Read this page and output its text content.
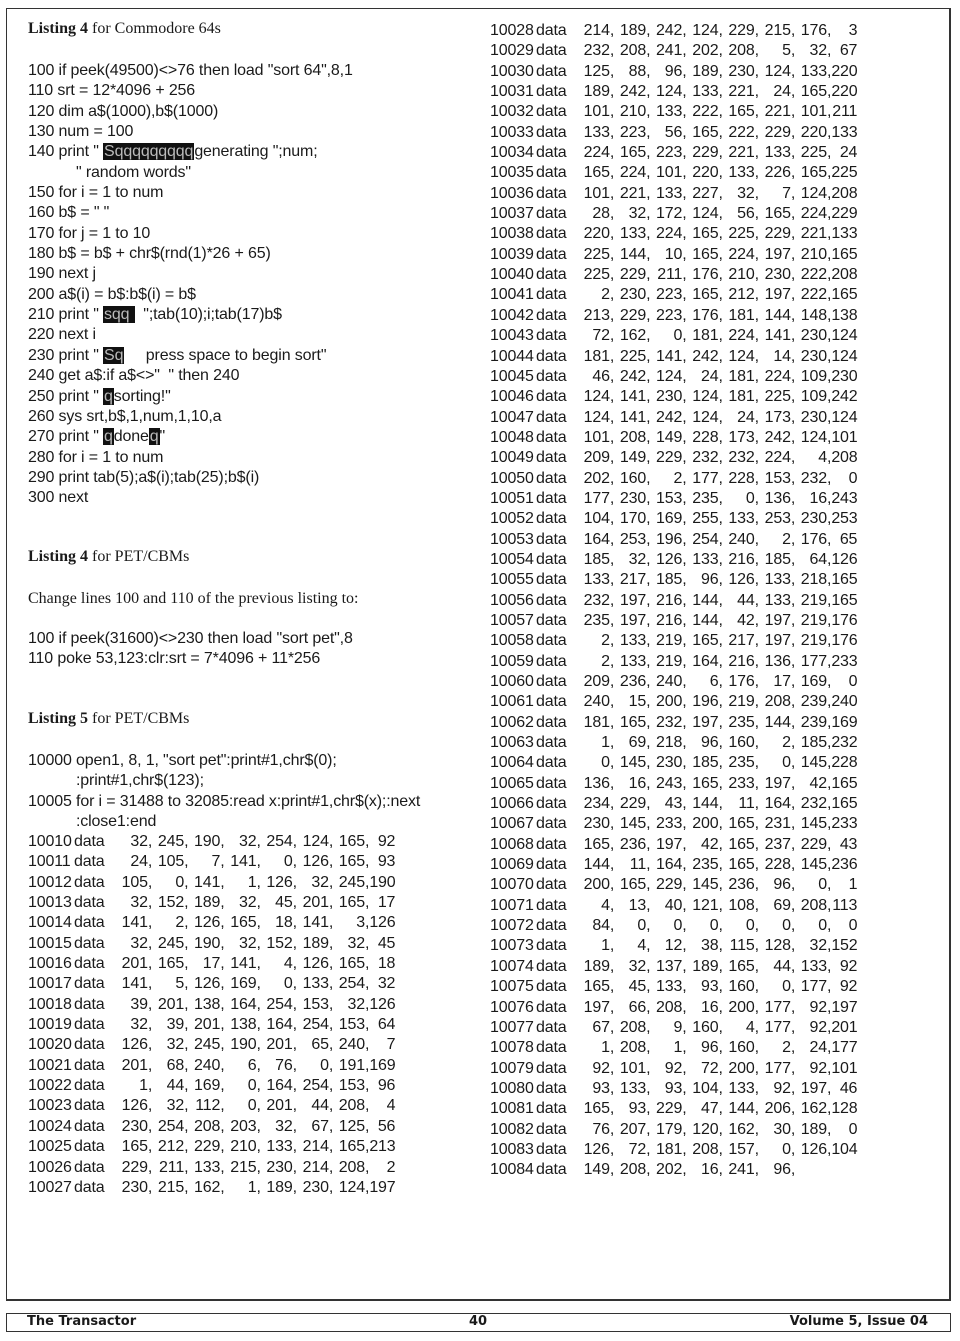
Listing 4 for Commodore 64s
100 if peek(49500)<>76 then load "sort 64",8,1
110 srt = 12*4096 + 256
120 dim a$(1000),b$(1000)
130 num = 100
140 print " Sqqqqqqqqqgenerating ";num;
" random words"
150 for i = 1 to num
160 b$ = " "
170 for j = 1 to 10
180 b$ = b$ + chr$(rnd(1)*26 + 65)
190 next j
200 a$(i) = b$:b$(i) = b$
210 print " sqq   ";tab(10);i;tab(17)b$
220 next i
230 print " Sq     press space to begin sort"
240 get a$:if a$<>"  " then 240
250 print " qsorting!"
260 sys srt,b$,1,num,1,10,a
270 print " qdoneq"
280 for i = 1 to num
290 print tab(5);a$(i);tab(25);b$(i)
300 next
Listing 4 for PET/CBMs
Change lines 100 and 110 of the previous listing to:
100 if peek(31600)<>230 then load "sort pet",8
110 poke 53,123:clr:srt = 7*4096 + 11*256
Listing 5 for PET/CBMs
10000 open1, 8, 1, "sort pet":print#1,chr$(0);
:print#1,chr$(123);
10005 for i = 31488 to 32085:read x:print#1,chr$(x);:next
:close1:end
10010 data	32, 245, 190, 32, 254, 124, 165, 92
10011 data	24, 105,	7, 141,	0, 126, 165, 93
10012 data	105,	0, 141,	1, 126, 32, 245, 190
10013 data	32, 152, 189, 32, 45, 201, 165, 17
10014 data	141,	2, 126, 165, 18, 141,	3, 126
10015 data	32, 245, 190, 32, 152, 189, 32, 45
10016 data	201, 165, 17, 141,	4, 126, 165, 18
10017 data	141,	5, 126, 169,	0, 133, 254, 32
10018 data	39, 201, 138, 164, 254, 153, 32, 126
10019 data	32, 39, 201, 138, 164, 254, 153, 64
10020 data	126, 32, 245, 190, 201, 65, 240,	7
10021 data	201, 68, 240,	6, 76,	0, 191, 169
10022 data	1, 44, 169,	0, 164, 254, 153, 96
10023 data	126, 32, 112,	0, 201, 44, 208,	4
10024 data	230, 254, 208, 203, 32, 67, 125, 56
10025 data	165, 212, 229, 210, 133, 214, 165, 213
10026 data	229, 211, 133, 215, 230, 214, 208,	2
10027 data	230, 215, 162,	1, 189, 230, 124, 197
10028 data	214, 189, 242, 124, 229, 215, 176,	3
10029 data	232, 208, 241, 202, 208,	5, 32, 67
10030 data	125, 88, 96, 189, 230, 124, 133, 220
10031 data	189, 242, 124, 133, 221, 24, 165, 220
10032 data	101, 210, 133, 222, 165, 221, 101, 211
10033 data	133, 223, 56, 165, 222, 229, 220, 133
10034 data	224, 165, 223, 229, 221, 133, 225, 24
10035 data	165, 224, 101, 220, 133, 226, 165, 225
10036 data	101, 221, 133, 227, 32,	7, 124, 208
10037 data	28, 32, 172, 124, 56, 165, 224, 229
10038 data	220, 133, 224, 165, 225, 229, 221, 133
10039 data	225, 144, 10, 165, 224, 197, 210, 165
10040 data	225, 229, 211, 176, 210, 230, 222, 208
10041 data	2, 230, 223, 165, 212, 197, 222, 165
10042 data	213, 229, 223, 176, 181, 144, 148, 138
10043 data	72, 162,	0, 181, 224, 141, 230, 124
10044 data	181, 225, 141, 242, 124, 14, 230, 124
10045 data	46, 242, 124, 24, 181, 224, 109, 230
10046 data	124, 141, 230, 124, 181, 225, 109, 242
10047 data	124, 141, 242, 124, 24, 173, 230, 124
10048 data	101, 208, 149, 228, 173, 242, 124, 101
10049 data	209, 149, 229, 232, 232, 224,	4, 208
10050 data	202, 160,	2, 177, 228, 153, 232,	0
10051 data	177, 230, 153, 235,	0, 136, 16, 243
10052 data	104, 170, 169, 255, 133, 253, 230, 253
10053 data	164, 253, 196, 254, 240,	2, 176, 65
10054 data	185, 32, 126, 133, 216, 185, 64, 126
10055 data	133, 217, 185, 96, 126, 133, 218, 165
10056 data	232, 197, 216, 144, 44, 133, 219, 165
10057 data	235, 197, 216, 144, 42, 197, 219, 176
10058 data	2, 133, 219, 165, 217, 197, 219, 176
10059 data	2, 133, 219, 164, 216, 136, 177, 233
10060 data	209, 236, 240,	6, 176, 17, 169,	0
10061 data	240, 15, 200, 196, 219, 208, 239, 240
10062 data	181, 165, 232, 197, 235, 144, 239, 169
10063 data	1, 69, 218, 96, 160,	2, 185, 232
10064 data	0, 145, 230, 185, 235,	0, 145, 228
10065 data	136, 16, 243, 165, 233, 197, 42, 165
10066 data	234, 229, 43, 144, 11, 164, 232, 165
10067 data	230, 145, 233, 200, 165, 231, 145, 233
10068 data	165, 236, 197, 42, 165, 237, 229, 43
10069 data	144, 11, 164, 235, 165, 228, 145, 236
10070 data	200, 165, 229, 145, 236, 96,	0,	1
10071 data	4, 13, 40, 121, 108, 69, 208, 113
10072 data	84,	0,	0,	0,	0,	0,	0,	0
10073 data	1,	4, 12, 38, 115, 128, 32, 152
10074 data	189, 32, 137, 189, 165, 44, 133, 92
10075 data	165, 45, 133, 93, 160,	0, 177, 92
10076 data	197, 66, 208, 16, 200, 177, 92, 197
10077 data	67, 208,	9, 160,	4, 177, 92, 201
10078 data	1, 208,	1, 96, 160,	2, 24, 177
10079 data	92, 101, 92, 72, 200, 177, 92, 101
10080 data	93, 133, 93, 104, 133, 92, 197, 46
10081 data	165, 93, 229, 47, 144, 206, 162, 128
10082 data	76, 207, 179, 120, 162, 30, 189,	0
10083 data	126, 72, 181, 208, 157,	0, 126, 104
10084 data	149, 208, 202, 16, 241, 96,
The Transactor	40	Volume 5, Issue 04
